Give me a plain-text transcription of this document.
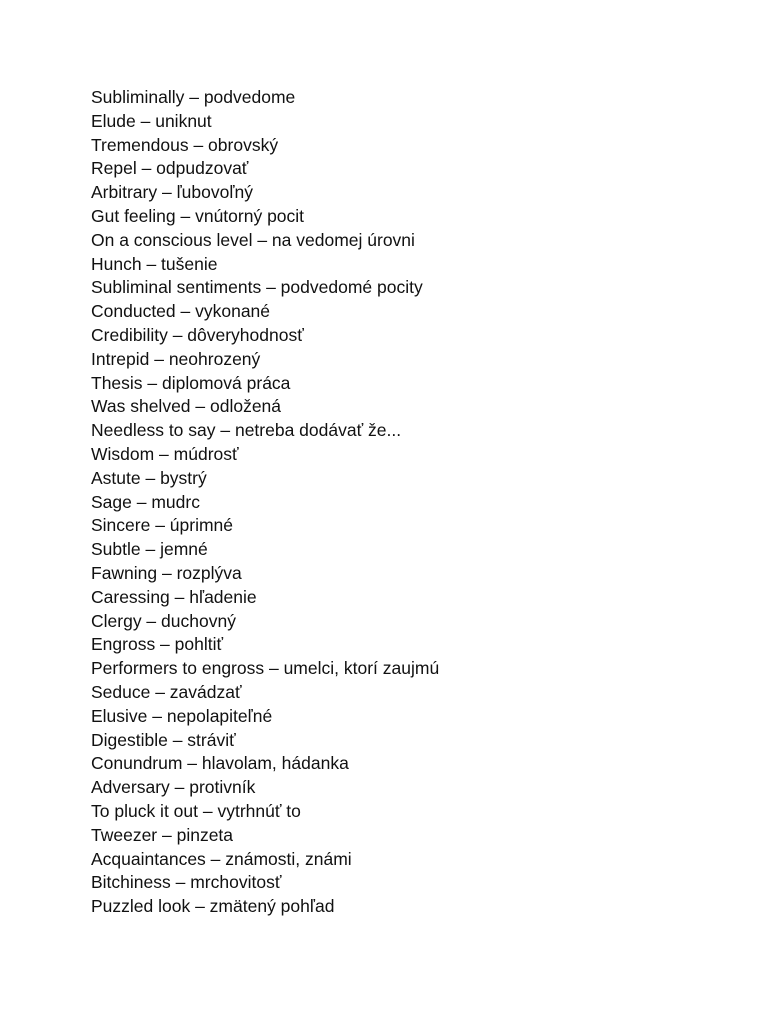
Subliminally – podvedome
Elude – uniknut
Tremendous – obrovský
Repel – odpudzovať
Arbitrary – ľubovoľný
Gut feeling – vnútorný pocit
On a conscious level – na vedomej úrovni
Hunch – tušenie
Subliminal sentiments – podvedomé pocity
Conducted – vykonané
Credibility – dôveryhodnosť
Intrepid – neohrozený
Thesis – diplomová práca
Was shelved – odložená
Needless to say – netreba dodávať že...
Wisdom – múdrosť
Astute – bystrý
Sage – mudrc
Sincere – úprimné
Subtle – jemné
Fawning – rozplýva
Caressing – hľadenie
Clergy – duchovný
Engross – pohltiť
Performers to engross – umelci, ktorí zaujmú
Seduce – zavádzať
Elusive – nepolapiteľné
Digestible – stráviť
Conundrum – hlavolam, hádanka
Adversary – protivník
To pluck it out – vytrhnúť to
Tweezer – pinzeta
Acquaintances – známosti, známi
Bitchiness – mrchovitosť
Puzzled look – zmätený pohľad
